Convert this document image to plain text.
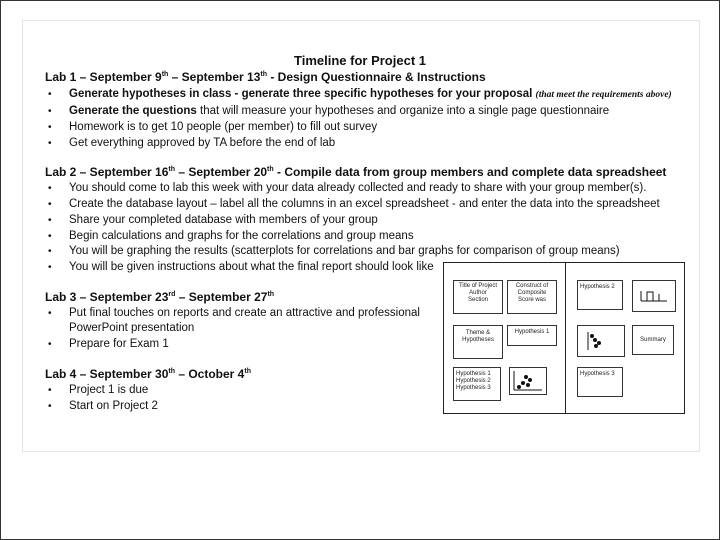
Timeline for Project 1
Lab 1 – September 9th – September 13th - Design Questionnaire & Instructions
• Generate hypotheses in class - generate three specific hypotheses for your proposal (that meet the requirements above)
• Generate the questions that will measure your hypotheses and organize into a single page questionnaire
• Homework is to get 10 people (per member) to fill out survey
• Get everything approved by TA before the end of lab
Lab 2 – September 16th – September 20th - Compile data from group members and complete data spreadsheet
• You should come to lab this week with your data already collected and ready to share with your group member(s).
• Create the database layout – label all the columns in an excel spreadsheet - and enter the data into the spreadsheet
• Share your completed database with members of your group
• Begin calculations and graphs for the correlations and group means
• You will be graphing the results (scatterplots for correlations and bar graphs for comparison of group means)
• You will be given instructions about what the final report should look like
Lab 3 – September 23rd – September 27th
• Put final touches on reports and create an attractive and professional
PowerPoint presentation
• Prepare for Exam 1
Lab 4 – September 30th – October 4th
• Project 1 is due
• Start on Project 2
Title of Project
Author
Section
Construct of
Composite
Score was
Theme &
Hypotheses
Hypothesis 1
Hypothesis 1
Hypothesis 2
Hypothesis 3
Hypothesis 2
Summary
Hypothesis 3
